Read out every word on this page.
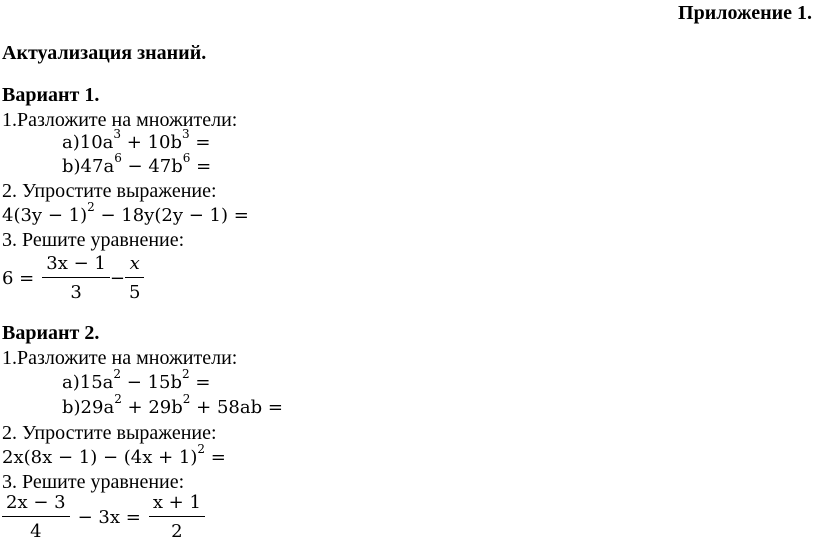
Приложение 1.
Актуализация знаний.
Вариант 1.
1.Разложите на множители:
$a)10a^3 + 10b^3$ =
$b)47a^6 - 47b^6$ =
2. Упростите выражение:
$4(3y - 1)^2 - 18y(2y - 1)$ =
3. Решите уравнение:
$6 = \frac{3x - 1}{3} - \frac{x}{5}$
Вариант 2.
1.Разложите на множители:
$a)15a^2 - 15b^2$ =
$b)29a^2 + 29b^2 + 58ab$ =
2. Упростите выражение:
$2x(8x - 1) - (4x + 1)^2$ =
3. Решите уравнение:
$\frac{2x - 3}{4} - 3x = \frac{x + 1}{2}$
